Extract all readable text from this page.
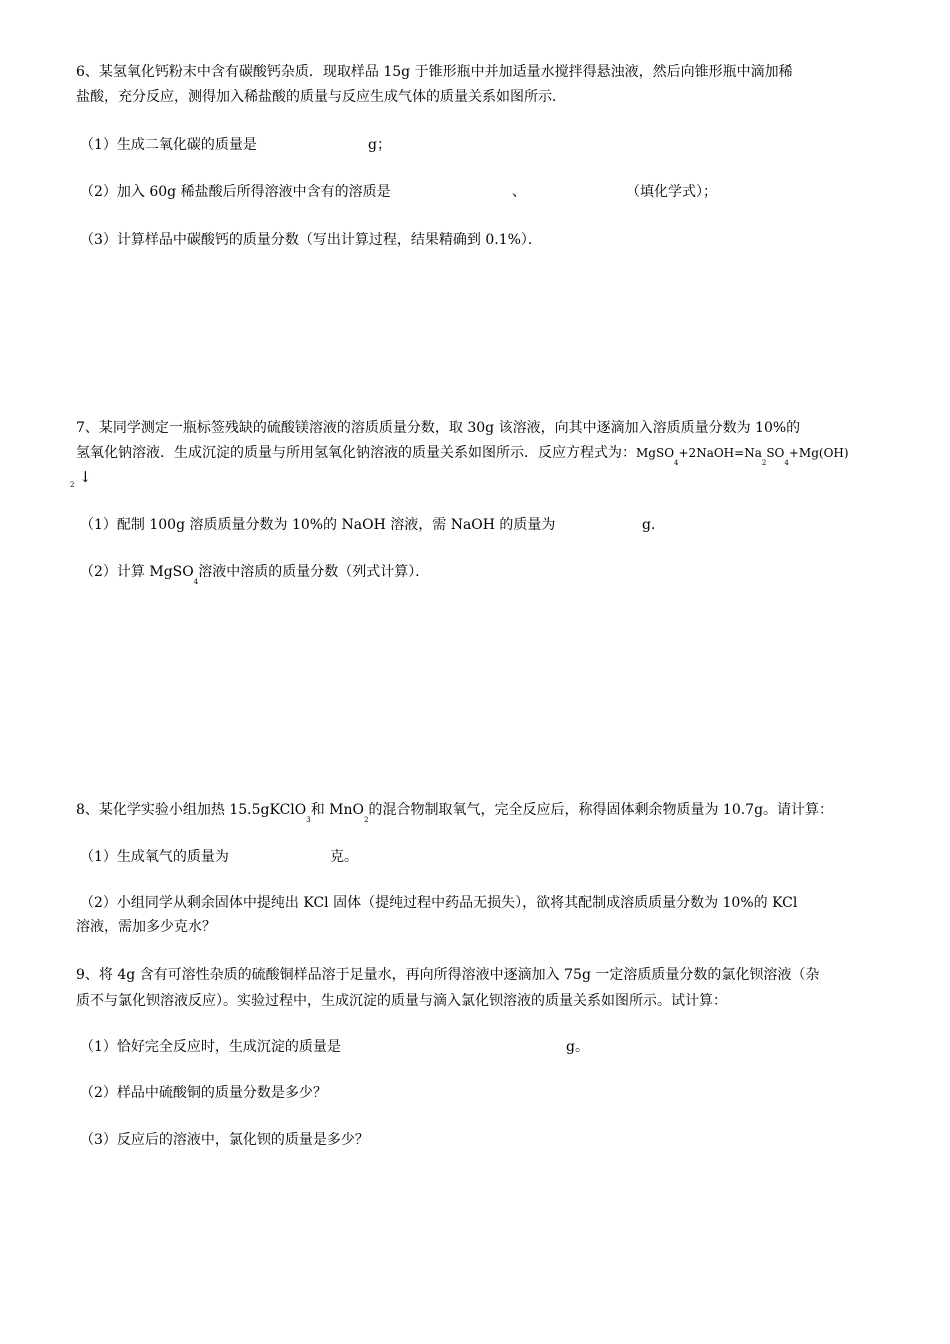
6、某氢氧化钙粉末中含有碳酸钙杂质．现取样品 15g 于锥形瓶中并加适量水搅拌得悬浊液，然后向锥形瓶中滴加稀
盐酸，充分反应，测得加入稀盐酸的质量与反应生成气体的质量关系如图所示．
（1）生成二氧化碳的质量是	g；
（2）加入 60g 稀盐酸后所得溶液中含有的溶质是	、	（填化学式）；
（3）计算样品中碳酸钙的质量分数（写出计算过程，结果精确到 0.1%）．
7、某同学测定一瓶标签残缺的硫酸镁溶液的溶质质量分数，取 30g 该溶液，向其中逐滴加入溶质质量分数为 10%的
氢氧化钠溶液．生成沉淀的质量与所用氢氧化钠溶液的质量关系如图所示．反应方程式为：$MgSO_4+2NaOH=Na_2SO_4+Mg(OH)$
2 ↓
（1）配制 100g 溶质质量分数为 10%的 NaOH 溶液，需 NaOH 的质量为	g．
（2）计算 MgSO$_4$溶液中溶质的质量分数（列式计算）．
8、某化学实验小组加热 15.5gKClO$_3$和 MnO$_2$的混合物制取氧气，完全反应后，称得固体剩余物质量为 10.7g。请计算：
（1）生成氧气的质量为	克。
（2）小组同学从剩余固体中提纯出 KCl 固体（提纯过程中药品无损失），欲将其配制成溶质质量分数为 10%的 KCl
溶液，需加多少克水？
9、将 4g 含有可溶性杂质的硫酸铜样品溶于足量水，再向所得溶液中逐滴加入 75g 一定溶质质量分数的氯化钡溶液（杂
质不与氯化钡溶液反应）。实验过程中，生成沉淀的质量与滴入氯化钡溶液的质量关系如图所示。试计算：
（1）恰好完全反应时，生成沉淀的质量是	g。
（2）样品中硫酸铜的质量分数是多少？
（3）反应后的溶液中，氯化钡的质量是多少？
